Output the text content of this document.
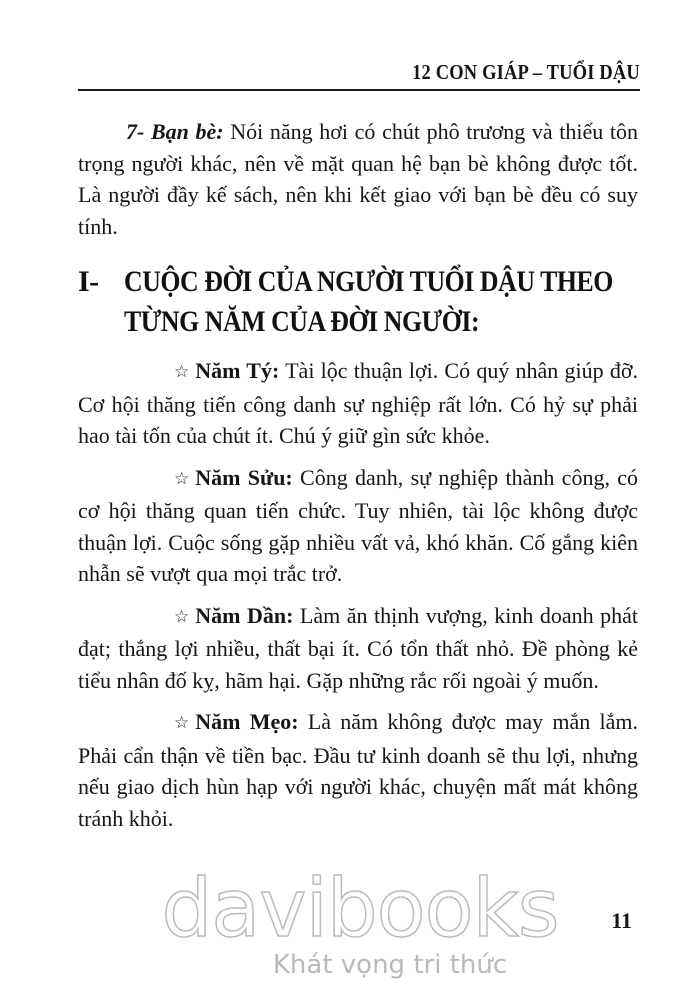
12 CON GIÁP – TUỔI DẬU

7- Bạn bè: Nói năng hơi có chút phô trương và thiếu tôn trọng người khác, nên về mặt quan hệ bạn bè không được tốt. Là người đầy kế sách, nên khi kết giao với bạn bè đều có suy tính.

I- CUỘC ĐỜI CỦA NGƯỜI TUỔI DẬU THEO
TỪNG NĂM CỦA ĐỜI NGƯỜI:

☆ Năm Tý: Tài lộc thuận lợi. Có quý nhân giúp đỡ. Cơ hội thăng tiến công danh sự nghiệp rất lớn. Có hỷ sự phải hao tài tốn của chút ít. Chú ý giữ gìn sức khỏe.

☆ Năm Sửu: Công danh, sự nghiệp thành công, có cơ hội thăng quan tiến chức. Tuy nhiên, tài lộc không được thuận lợi. Cuộc sống gặp nhiều vất vả, khó khăn. Cố gắng kiên nhẫn sẽ vượt qua mọi trắc trở.

☆ Năm Dần: Làm ăn thịnh vượng, kinh doanh phát đạt; thắng lợi nhiều, thất bại ít. Có tổn thất nhỏ. Đề phòng kẻ tiểu nhân đố kỵ, hãm hại. Gặp những rắc rối ngoài ý muốn.

☆ Năm Mẹo: Là năm không được may mắn lắm. Phải cẩn thận về tiền bạc. Đầu tư kinh doanh sẽ thu lợi, nhưng nếu giao dịch hùn hạp với người khác, chuyện mất mát không tránh khỏi.

davibooks
Khát vọng tri thức
11
